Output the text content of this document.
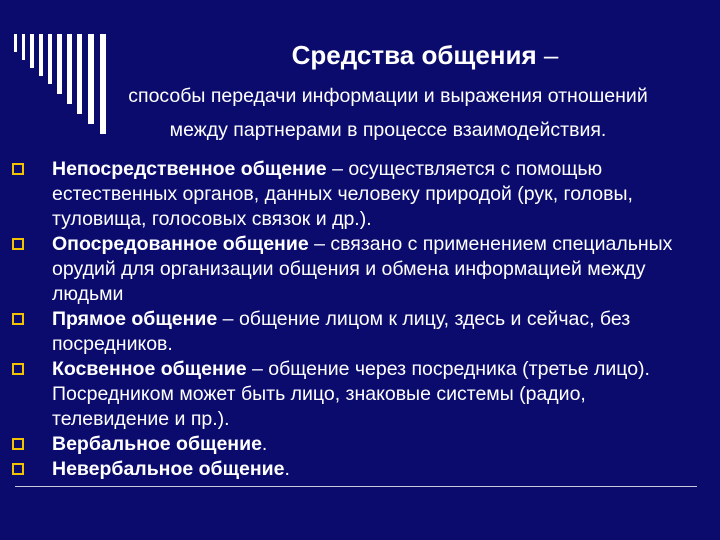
Средства общения –
способы передачи информации и выражения отношений
между партнерами в процессе взаимодействия.
Непосредственное общение – осуществляется с помощью естественных органов, данных человеку природой (рук, головы, туловища, голосовых связок и др.).
Опосредованное общение – связано с применением специальных орудий для организации общения и обмена информацией между людьми
Прямое общение – общение лицом к лицу, здесь и сейчас, без посредников.
Косвенное общение – общение через посредника (третье лицо). Посредником может быть лицо, знаковые системы (радио, телевидение и пр.).
Вербальное общение.
Невербальное общение.
